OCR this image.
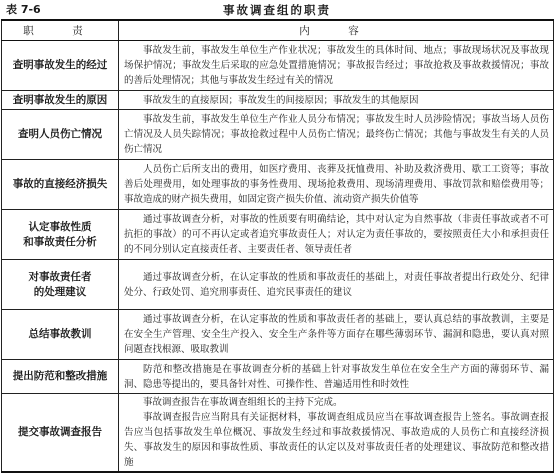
表 7-6	事故调查组的职责
职　责	内　容

查明事故发生的经过	事故发生前，事故发生单位生产作业状况；事故发生的具体时间、地点；事故现场状况及事故现场保护情况；事故发生后采取的应急处置措施情况；事故报告经过；事故抢救及事故救援情况；事故的善后处理情况；其他与事故发生经过有关的情况

查明事故发生的原因	事故发生的直接原因；事故发生的间接原因；事故发生的其他原因

查明人员伤亡情况	事故发生前，事故发生单位生产作业人员分布情况；事故发生时人员涉险情况；事故当场人员伤亡情况及人员失踪情况；事故抢救过程中人员伤亡情况；最终伤亡情况；其他与事故发生有关的人员伤亡情况

事故的直接经济损失	人员伤亡后所支出的费用，如医疗费用、丧葬及抚恤费用、补助及救济费用、歇工工资等；事故善后处理费用，如处理事故的事务性费用、现场抢救费用、现场清理费用、事故罚款和赔偿费用等；事故造成的财产损失费用，如固定资产损失价值、流动资产损失价值等

认定事故性质
和事故责任分析	通过事故调查分析，对事故的性质要有明确结论，其中对认定为自然事故（非责任事故或者不可抗拒的事故）的可不再认定或者追究事故责任人；对认定为责任事故的，要按照责任大小和承担责任的不同分别认定直接责任者、主要责任者、领导责任者

对事故责任者
的处理建议	通过事故调查分析，在认定事故的性质和事故责任的基础上，对责任事故者提出行政处分、纪律处分、行政处罚、追究刑事责任、追究民事责任的建议

总结事故教训	通过事故调查分析，在认定事故的性质和事故责任者的基础上，要认真总结的事故教训，主要是在安全生产管理、安全生产投入、安全生产条件等方面存在哪些薄弱环节、漏洞和隐患，要认真对照问题查找根源、吸取教训

提出防范和整改措施	防范和整改措施是在事故调查分析的基础上针对事故发生单位在安全生产方面的薄弱环节、漏洞、隐患等提出的，要具备针对性、可操作性、普遍适用性和时效性

提交事故调查报告	事故调查报告在事故调查组组长的主持下完成。

事故调查报告应当附具有关证据材料，事故调查组成员应当在事故调查报告上签名。事故调查报告应当包括事故发生单位概况、事故发生经过和事故救援情况、事故造成的人员伤亡和直接经济损失、事故发生的原因和事故性质、事故责任的认定以及对事故责任者的处理建议、事故防范和整改措施
